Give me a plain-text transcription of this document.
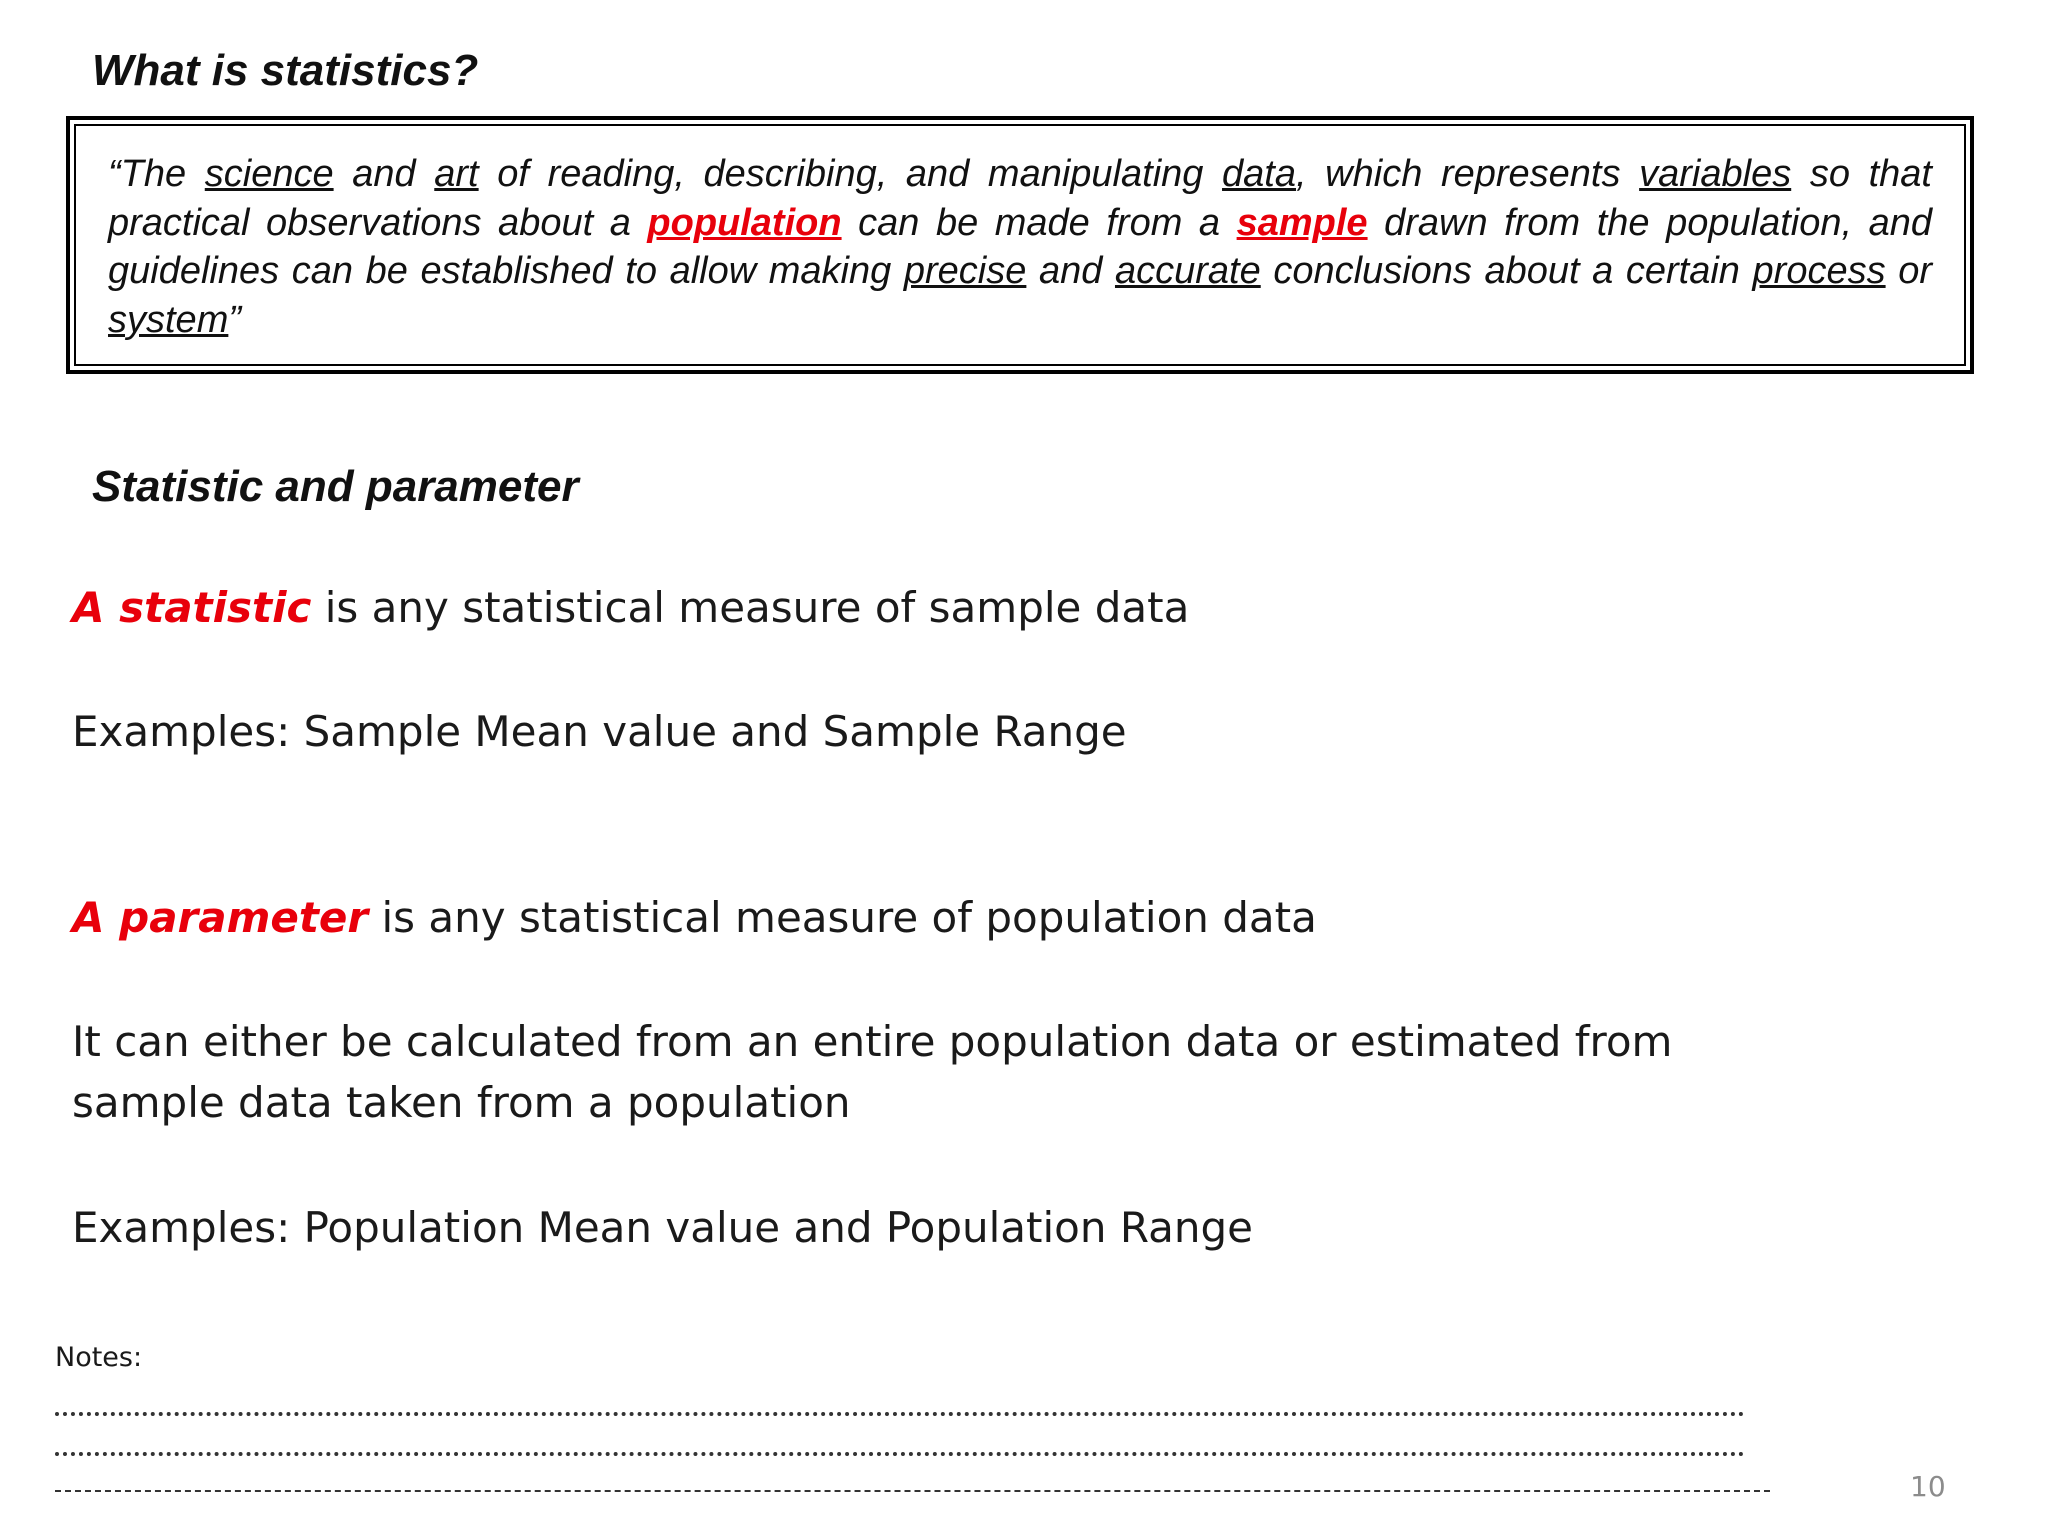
What is statistics?

“The science and art of reading, describing, and manipulating data, which represents variables so that practical observations about a population can be made from a sample drawn from the population, and guidelines can be established to allow making precise and accurate conclusions about a certain process or system”

Statistic and parameter

A statistic is any statistical measure of sample data

Examples: Sample Mean value and Sample Range

A parameter is any statistical measure of population data

It can either be calculated from an entire population data or estimated from

sample data taken from a population

Examples: Population Mean value and Population Range

Notes:

10
